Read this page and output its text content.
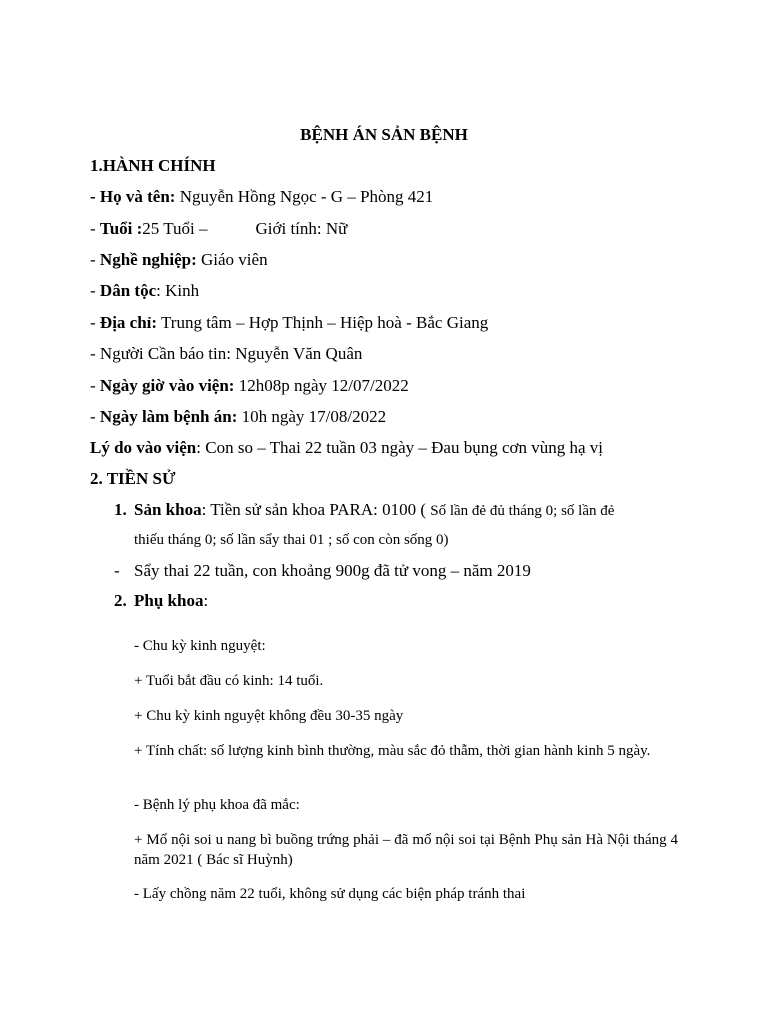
BỆNH ÁN SẢN BỆNH
1.HÀNH CHÍNH
- Họ và tên: Nguyễn Hồng Ngọc - G – Phòng 421
- Tuổi :25 Tuổi –	Giới tính: Nữ
- Nghề nghiệp: Giáo viên
- Dân tộc: Kinh
- Địa chỉ: Trung tâm – Hợp Thịnh – Hiệp hoà - Bắc Giang
- Người Cần báo tin: Nguyễn Văn Quân
- Ngày giờ vào viện: 12h08p ngày 12/07/2022
- Ngày làm bệnh án: 10h ngày 17/08/2022
Lý do vào viện: Con so – Thai 22 tuần 03 ngày – Đau bụng cơn vùng hạ vị
2. TIỀN SỬ
1. Sản khoa: Tiền sử sản khoa PARA: 0100 ( Số lần đẻ đủ tháng 0; số lần đẻ
thiếu tháng 0; số lần sẩy thai 01 ; số con còn sống 0)
- Sẩy thai 22 tuần, con khoảng 900g đã tử vong – năm 2019
2. Phụ khoa:
- Chu kỳ kinh nguyệt:
+ Tuổi bắt đầu có kinh: 14 tuổi.
+ Chu kỳ kinh nguyệt không đều 30-35 ngày
+ Tính chất: số lượng kinh bình thường, màu sắc đỏ thẫm, thời gian hành kinh 5 ngày.
- Bệnh lý phụ khoa đã mắc:
+ Mổ nội soi u nang bì buồng trứng phải – đã mổ nội soi tại Bệnh Phụ sản Hà Nội tháng 4 năm 2021 ( Bác sĩ Huỳnh)
- Lấy chồng năm 22 tuổi, không sử dụng các biện pháp tránh thai
